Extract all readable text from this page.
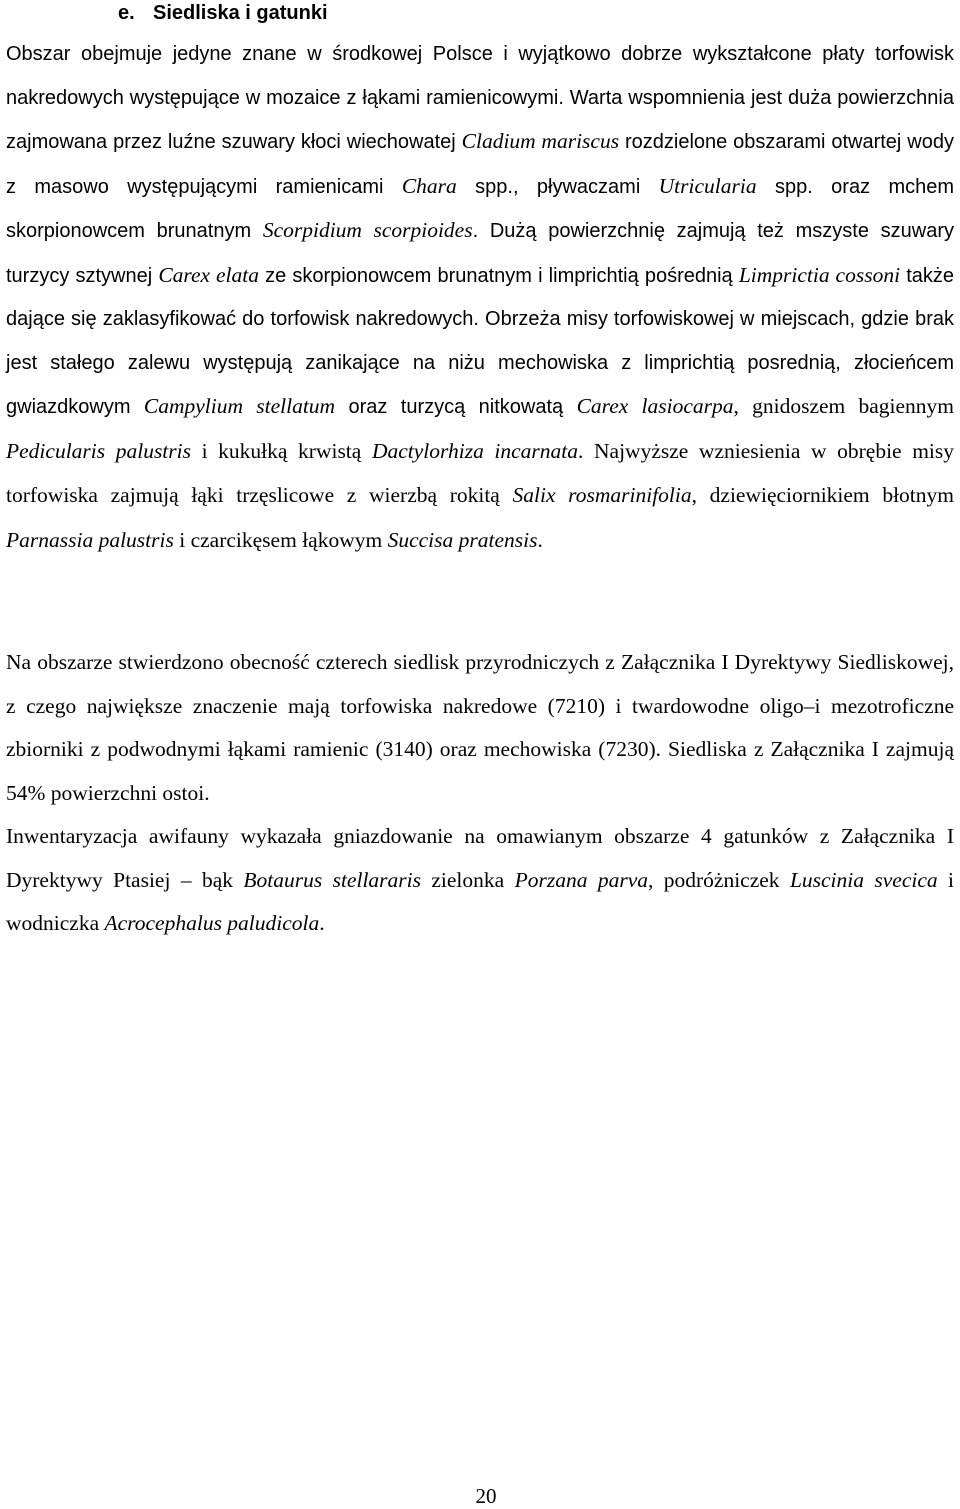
e. Siedliska i gatunki

Obszar obejmuje jedyne znane w środkowej Polsce i wyjątkowo dobrze wykształcone płaty torfowisk nakredowych występujące w mozaice z łąkami ramienicowymi. Warta wspomnienia jest duża powierzchnia zajmowana przez luźne szuwary kłoci wiechowatej Cladium mariscus rozdzielone obszarami otwartej wody z masowo występującymi ramienicami Chara spp., pływaczami Utricularia spp. oraz mchem skorpionowcem brunatnym Scorpidium scorpioides. Dużą powierzchnię zajmują też mszyste szuwary turzycy sztywnej Carex elata ze skorpionowcem brunatnym i limprichtią pośrednią Limprictia cossoni także dające się zaklasyfikować do torfowisk nakredowych. Obrzeża misy torfowiskowej w miejscach, gdzie brak jest stałego zalewu występują zanikające na niżu mechowiska z limprichtią posrednią, złocieńcem gwiazdkowym Campylium stellatum oraz turzycą nitkowatą Carex lasiocarpa, gnidoszem bagiennym Pedicularis palustris i kukułką krwistą Dactylorhiza incarnata. Najwyższe wzniesienia w obrębie misy torfowiska zajmują łąki trzęslicowe z wierzbą rokitą Salix rosmarinifolia, dziewięciornikiem błotnym Parnassia palustris i czarcikęsem łąkowym Succisa pratensis.

Na obszarze stwierdzono obecność czterech siedlisk przyrodniczych z Załącznika I Dyrektywy Siedliskowej, z czego największe znaczenie mają torfowiska nakredowe (7210) i twardowodne oligo–i mezotroficzne zbiorniki z podwodnymi łąkami ramienic (3140) oraz mechowiska (7230). Siedliska z Załącznika I zajmują 54% powierzchni ostoi.

Inwentaryzacja awifauny wykazała gniazdowanie na omawianym obszarze 4 gatunków z Załącznika I Dyrektywy Ptasiej – bąk Botaurus stellararis zielonka Porzana parva, podróżniczek Luscinia svecica i wodniczka Acrocephalus paludicola.

20
